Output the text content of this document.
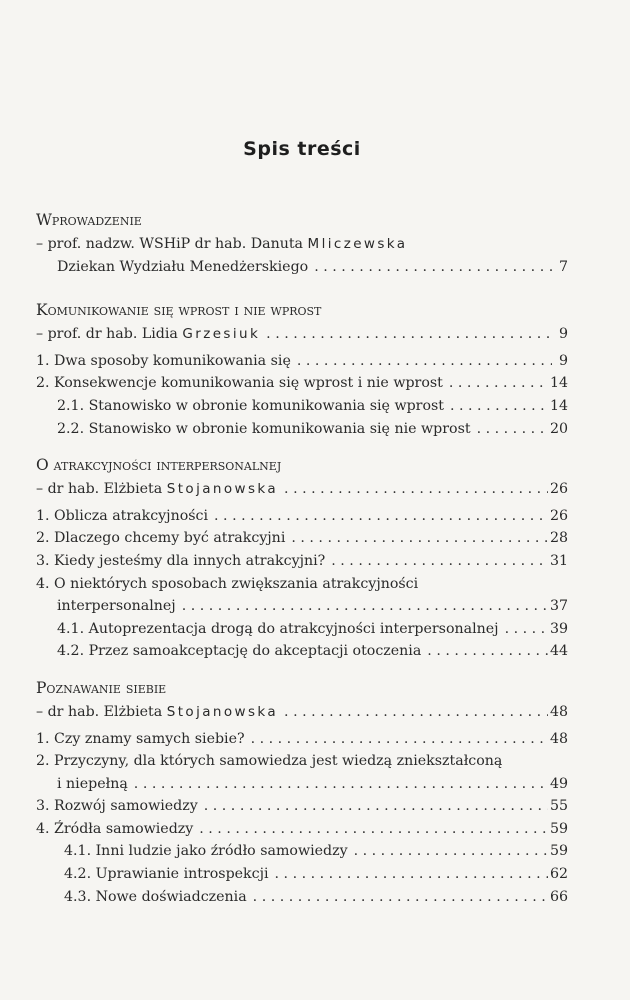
Spis treści
Wprowadzenie
– prof. nadzw. WSHiP dr hab. Danuta
Mliczewska
Dziekan Wydziału Menedżerskiego . . .	7
Komunikowanie się wprost i nie wprost
– prof. dr hab. Lidia
Grzesiuk . . .	9
1. Dwa sposoby komunikowania się . . .	9
2. Konsekwencje komunikowania się wprost i nie wprost . . .	14
2.1. Stanowisko w obronie komunikowania się wprost . . .	14
2.2. Stanowisko w obronie komunikowania się nie wprost . . .	20
O atrakcyjności interpersonalnej
– dr hab. Elżbieta
Stojanowska . . .	26
1. Oblicza atrakcyjności . . .	26
2. Dlaczego chcemy być atrakcyjni . . .	28
3. Kiedy jesteśmy dla innych atrakcyjni? . . .	31
4. O niektórych sposobach zwiększania atrakcyjności
interpersonalnej . . .	37
4.1. Autoprezentacja drogą do atrakcyjności interpersonalnej . . .	39
4.2. Przez samoakceptację do akceptacji otoczenia . . .	44
Poznawanie siebie
– dr hab. Elżbieta
Stojanowska . . .	48
1. Czy znamy samych siebie? . . .	48
2. Przyczyny, dla których samowiedza jest wiedzą zniekształconą
i niepełną . . .	49
3. Rozwój samowiedzy . . .	55
4. Źródła samowiedzy . . .	59
4.1. Inni ludzie jako źródło samowiedzy . . .	59
4.2. Uprawianie introspekcji . . .	62
4.3. Nowe doświadczenia . . .	66
